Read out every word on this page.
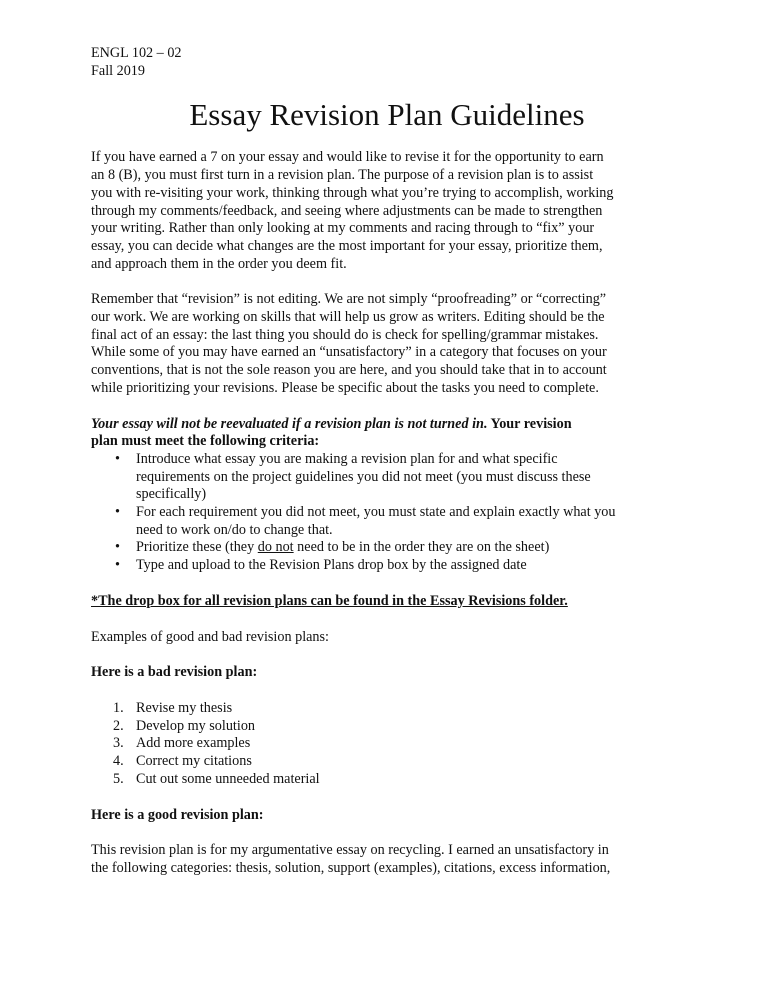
ENGL 102 – 02
Fall 2019
Essay Revision Plan Guidelines

If you have earned a 7 on your essay and would like to revise it for the opportunity to earn
an 8 (B), you must first turn in a revision plan. The purpose of a revision plan is to assist
you with re-visiting your work, thinking through what you’re trying to accomplish, working
through my comments/feedback, and seeing where adjustments can be made to strengthen
your writing. Rather than only looking at my comments and racing through to “fix” your
essay, you can decide what changes are the most important for your essay, prioritize them,
and approach them in the order you deem fit.

Remember that “revision” is not editing. We are not simply “proofreading” or “correcting”
our work. We are working on skills that will help us grow as writers. Editing should be the
final act of an essay: the last thing you should do is check for spelling/grammar mistakes.
While some of you may have earned an “unsatisfactory” in a category that focuses on your
conventions, that is not the sole reason you are here, and you should take that in to account
while prioritizing your revisions. Please be specific about the tasks you need to complete.

Your essay will not be reevaluated if a revision plan is not turned in. Your revision
plan must meet the following criteria:

• Introduce what essay you are making a revision plan for and what specific
requirements on the project guidelines you did not meet (you must discuss these
specifically)
• For each requirement you did not meet, you must state and explain exactly what you
need to work on/do to change that.
• Prioritize these (they do not need to be in the order they are on the sheet)
• Type and upload to the Revision Plans drop box by the assigned date

*The drop box for all revision plans can be found in the Essay Revisions folder.

Examples of good and bad revision plans:

Here is a bad revision plan:

1. Revise my thesis
2. Develop my solution
3. Add more examples
4. Correct my citations
5. Cut out some unneeded material

Here is a good revision plan:

This revision plan is for my argumentative essay on recycling. I earned an unsatisfactory in
the following categories: thesis, solution, support (examples), citations, excess information,
